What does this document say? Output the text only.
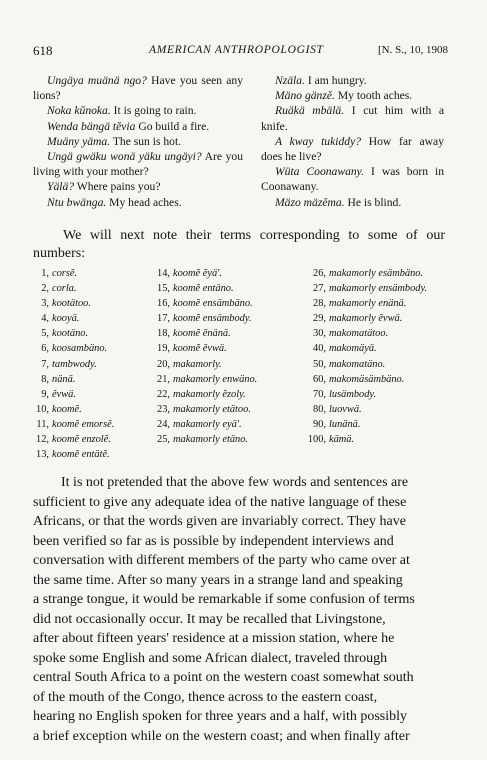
618	AMERICAN ANTHROPOLOGIST	[N. S., 10, 1908

Ungäya muänä ngo? Have you seen any lions?

Noka kŭnoka. It is going to rain.

Wenda bängä tĕvia Go build a fire.

Muäny yäma. The sun is hot.

Ungä gwäku wonä yäku ungäyi? Are you living with your mother?

Yälä? Where pains you?

Ntu bwänga. My head aches.

Nzäla. I am hungry.

Mäno gänzĕ. My tooth aches.

Ruäkä mbälä. I cut him with a knife.

A kway tukiddy? How far away does he live?

Wüta Coonawany. I was born in Coonawany.

Mäzo mäzĕma. He is blind.

We will next note their terms corresponding to some of our numbers:
1, corsĕ.
2, corla.
3, kootätoo.
4, kooyä.
5, kootäno.
6, koosambäno.
7, tambwody.
8, nänä.
9, ĕvwä.
10, koomĕ.
11, koomĕ emorsĕ.
12, koomĕ enzolĕ.
13, koomĕ entätĕ.
14, koomĕ ĕyä'.
15, koomĕ entäno.
16, koomĕ ensämbäno.
17, koomĕ ensämbody.
18, koomĕ ĕnänä.
19, koomĕ ĕvwä.
20, makamorly.
21, makamorly enwäno.
22, makamorly ĕzoly.
23, makamorly etätoo.
24, makamorly eyä'.
25, makamorly etäno.
26, makamorly esämbäno.
27, makamorly ensämbody.
28, makamorly enänä.
29, makamorly ĕvwä.
30, makomatätoo.
40, makomäyä.
50, makomatäno.
60, makomäsämbäno.
70, lusämbody.
80, luovwä.
90, lunänä.
100, kämä.
It is not pretended that the above few words and sentences are
sufficient to give any adequate idea of the native language of these
Africans, or that the words given are invariably correct. They have
been verified so far as is possible by independent interviews and
conversation with different members of the party who came over at
the same time. After so many years in a strange land and speaking
a strange tongue, it would be remarkable if some confusion of terms
did not occasionally occur. It may be recalled that Livingstone,
after about fifteen years' residence at a mission station, where he
spoke some English and some African dialect, traveled through
central South Africa to a point on the western coast somewhat south
of the mouth of the Congo, thence across to the eastern coast,
hearing no English spoken for three years and a half, with possibly
a brief exception while on the western coast; and when finally after
